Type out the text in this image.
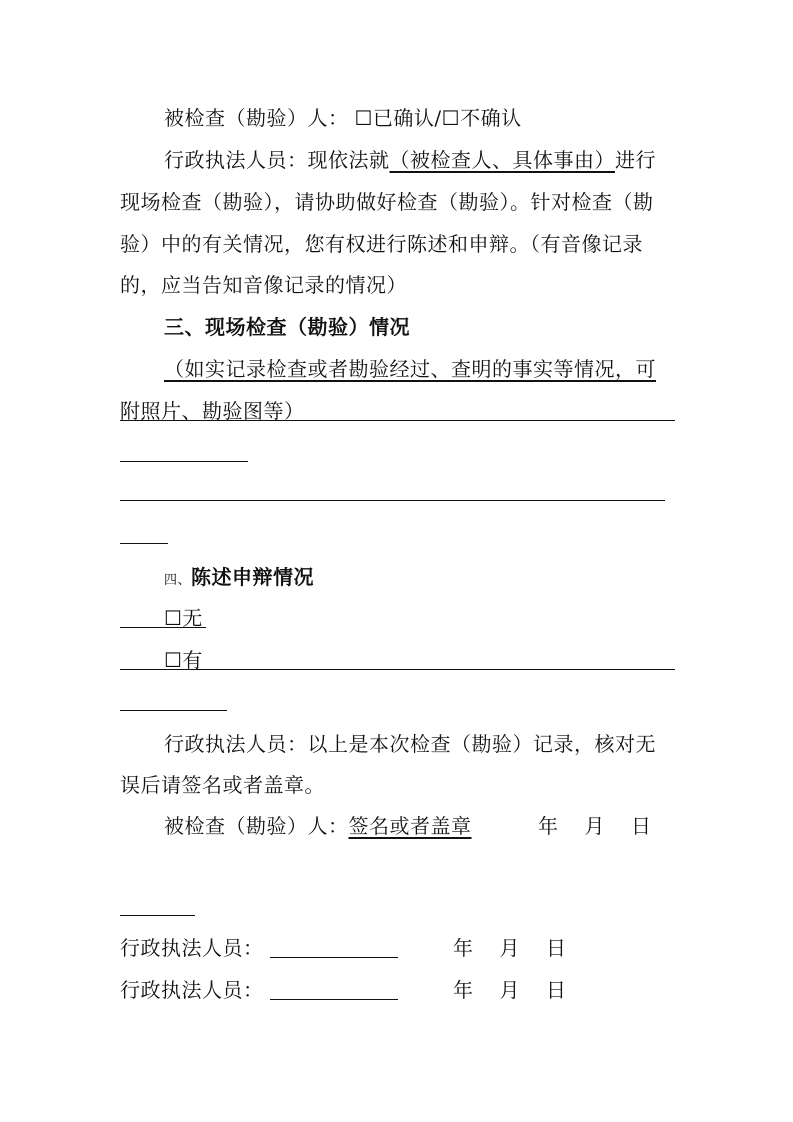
被检查（勘验）人： ☐已确认/☐不确认
行政执法人员：现依法就（被检查人、具体事由）进行
现场检查（勘验），请协助做好检查（勘验）。针对检查（勘
验）中的有关情况，您有权进行陈述和申辩。（有音像记录
的，应当告知音像记录的情况）
三、现场检查（勘验）情况
（如实记录检查或者勘验经过、查明的事实等情况，可
附照片、勘验图等）
四、陈述申辩情况
☐无
☐有
行政执法人员：以上是本次检查（勘验）记录，核对无
误后请签名或者盖章。
被检查（勘验）人：签名或者盖章	年 月 日
行政执法人员：	年 月 日
行政执法人员：	年 月 日
